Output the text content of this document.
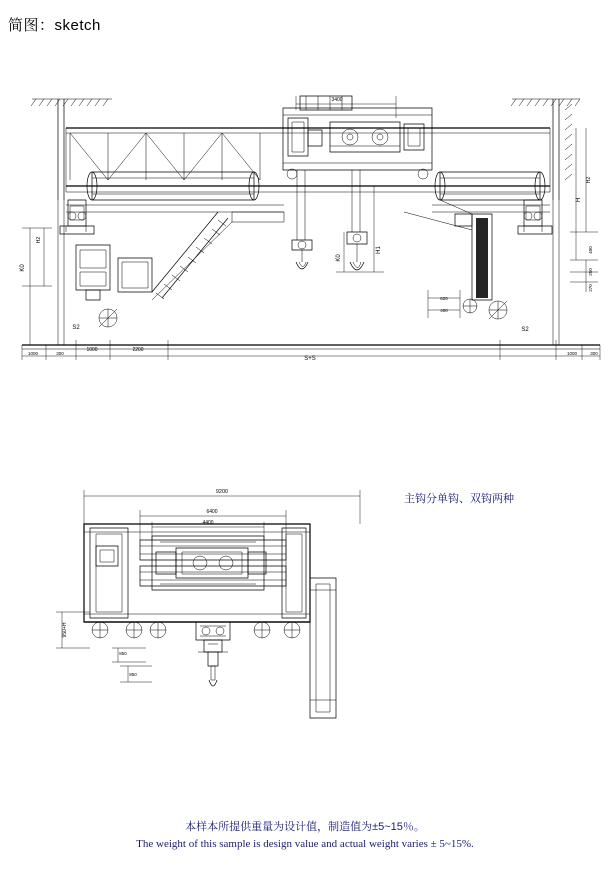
简图：sketch
3400
S+S
2200
1000
300
1000	1000	300
S2	S2
K0
H2
H1
K0
H
H2
400
250
270
620
400
9200
6400
4400
950+H
850
850
主钩分单钩、双钩两种
本样本所提供重量为设计值，制造值为±5~15％。
The weight of this sample is design value and actual weight varies ± 5~15%.
